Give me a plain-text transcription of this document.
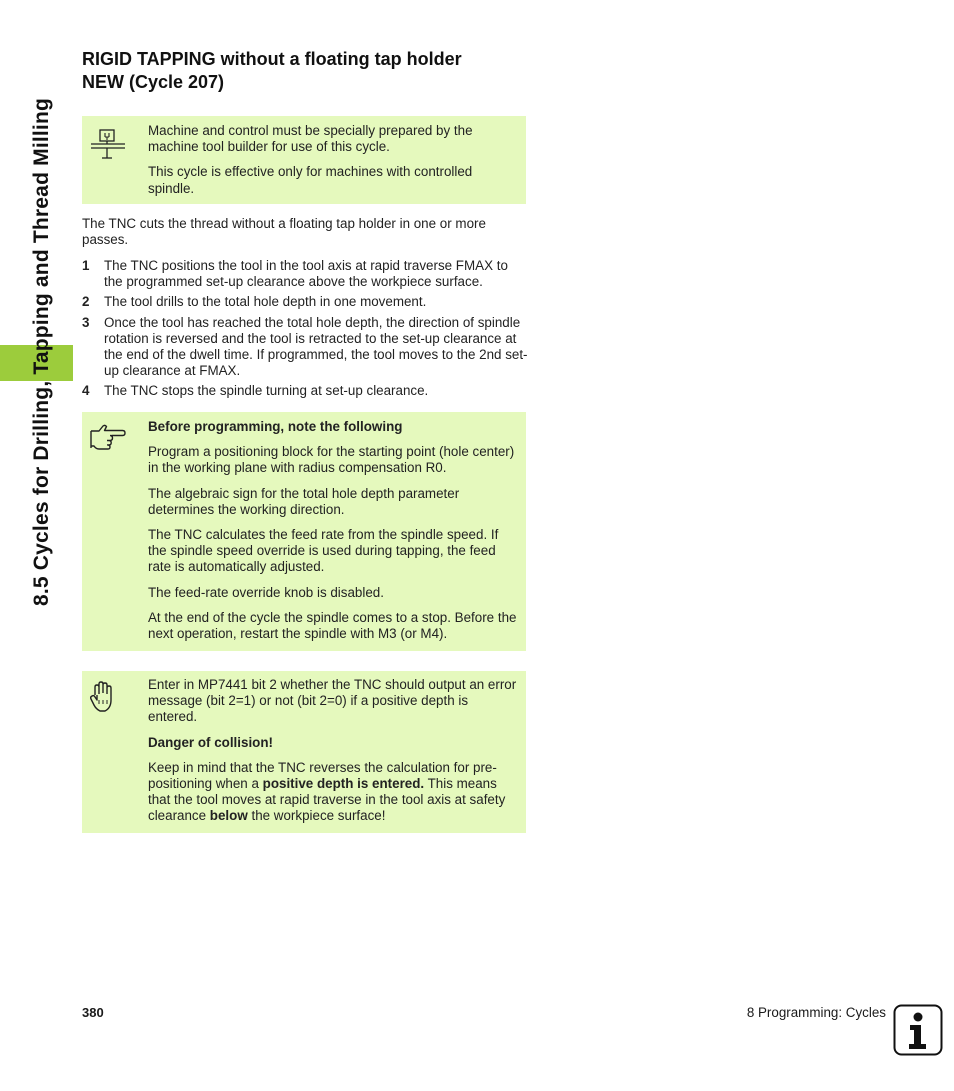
8.5 Cycles for Drilling, Tapping and Thread Milling
RIGID TAPPING without a floating tap holder
NEW (Cycle 207)

Machine and control must be specially prepared by the machine tool builder for use of this cycle.

This cycle is effective only for machines with controlled spindle.

The TNC cuts the thread without a floating tap holder in one or more passes.

1 The TNC positions the tool in the tool axis at rapid traverse FMAX to the programmed set-up clearance above the workpiece surface.
2 The tool drills to the total hole depth in one movement.
3 Once the tool has reached the total hole depth, the direction of spindle rotation is reversed and the tool is retracted to the set-up clearance at the end of the dwell time. If programmed, the tool moves to the 2nd set-up clearance at FMAX.
4 The TNC stops the spindle turning at set-up clearance.

Before programming, note the following

Program a positioning block for the starting point (hole center) in the working plane with radius compensation R0.

The algebraic sign for the total hole depth parameter determines the working direction.

The TNC calculates the feed rate from the spindle speed. If the spindle speed override is used during tapping, the feed rate is automatically adjusted.

The feed-rate override knob is disabled.

At the end of the cycle the spindle comes to a stop. Before the next operation, restart the spindle with M3 (or M4).

Enter in MP7441 bit 2 whether the TNC should output an error message (bit 2=1) or not (bit 2=0) if a positive depth is entered.

Danger of collision!

Keep in mind that the TNC reverses the calculation for pre-positioning when a positive depth is entered. This means that the tool moves at rapid traverse in the tool axis at safety clearance below the workpiece surface!

380	8 Programming: Cycles
